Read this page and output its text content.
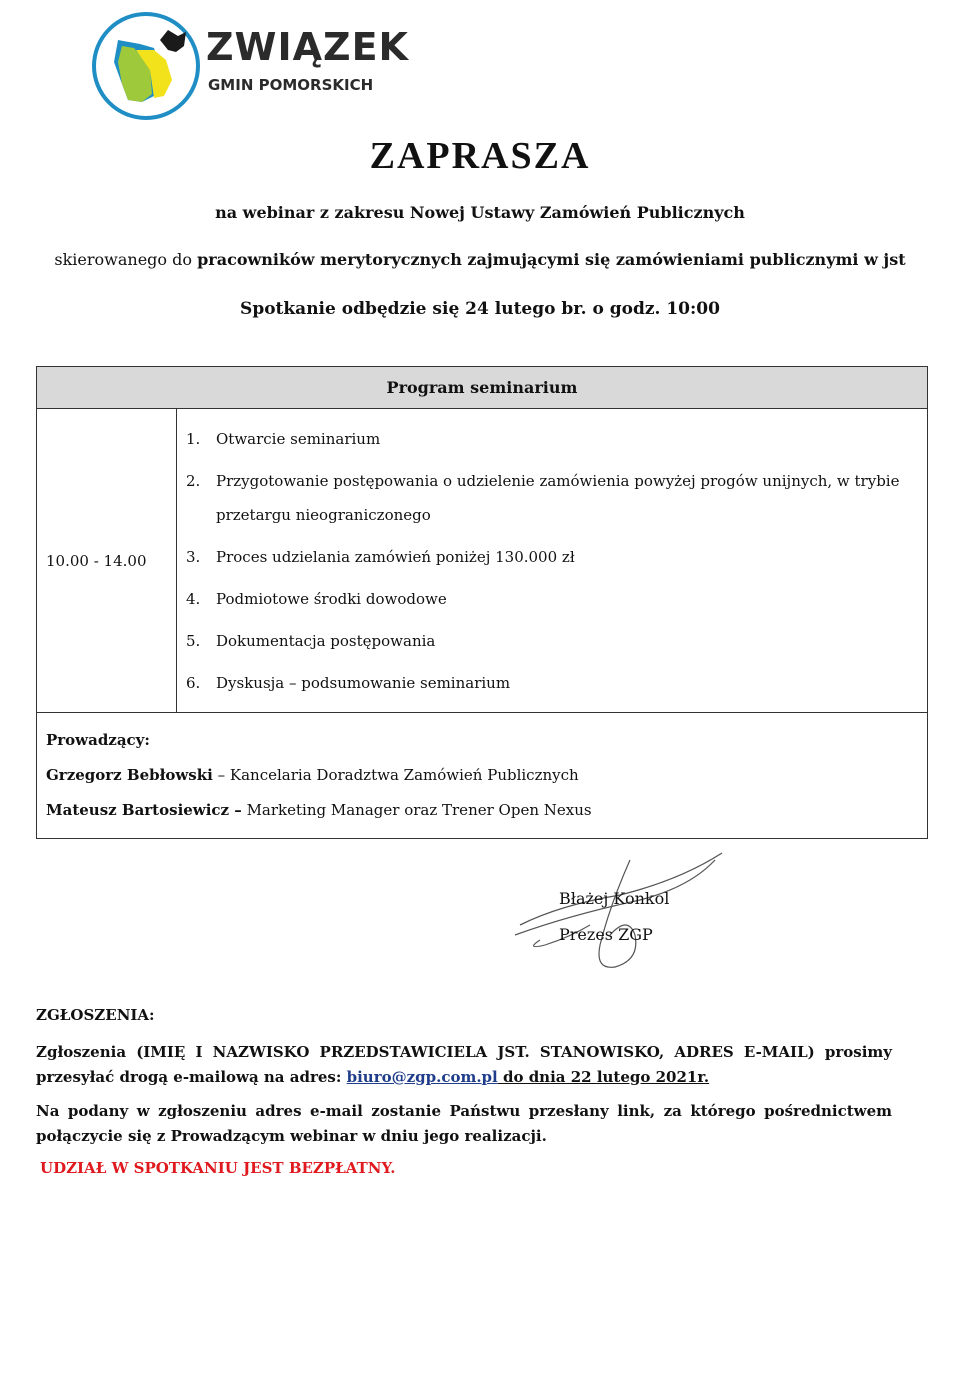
ZWIĄZEK
GMIN POMORSKICH
ZAPRASZA
na webinar z zakresu Nowej Ustawy Zamówień Publicznych
skierowanego do pracowników merytorycznych zajmującymi się zamówieniami publicznymi w jst
Spotkanie odbędzie się 24 lutego br. o godz. 10:00
Program seminarium
10.00 - 14.00	
1.	Otwarcie seminarium
2.	Przygotowanie postępowania o udzielenie zamówienia powyżej progów unijnych, w trybie przetargu nieograniczonego
3.	Proces udzielania zamówień poniżej 130.000 zł
4.	Podmiotowe środki dowodowe
5.	Dokumentacja postępowania
6.	Dyskusja – podsumowanie seminarium

Prowadzący:
Grzegorz Bebłowski – Kancelaria Doradztwa Zamówień Publicznych
Mateusz Bartosiewicz – Marketing Manager oraz Trener Open Nexus
Błażej Konkol
Prezes ZGP
ZGŁOSZENIA:
Zgłoszenia (IMIĘ I NAZWISKO PRZEDSTAWICIELA JST. STANOWISKO, ADRES E-MAIL) prosimy przesyłać drogą e-mailową na adres: biuro@zgp.com.pl do dnia 22 lutego 2021r.
Na podany w zgłoszeniu adres e-mail zostanie Państwu przesłany link, za którego pośrednictwem połączycie się z Prowadzącym webinar w dniu jego realizacji.
UDZIAŁ W SPOTKANIU JEST BEZPŁATNY.
